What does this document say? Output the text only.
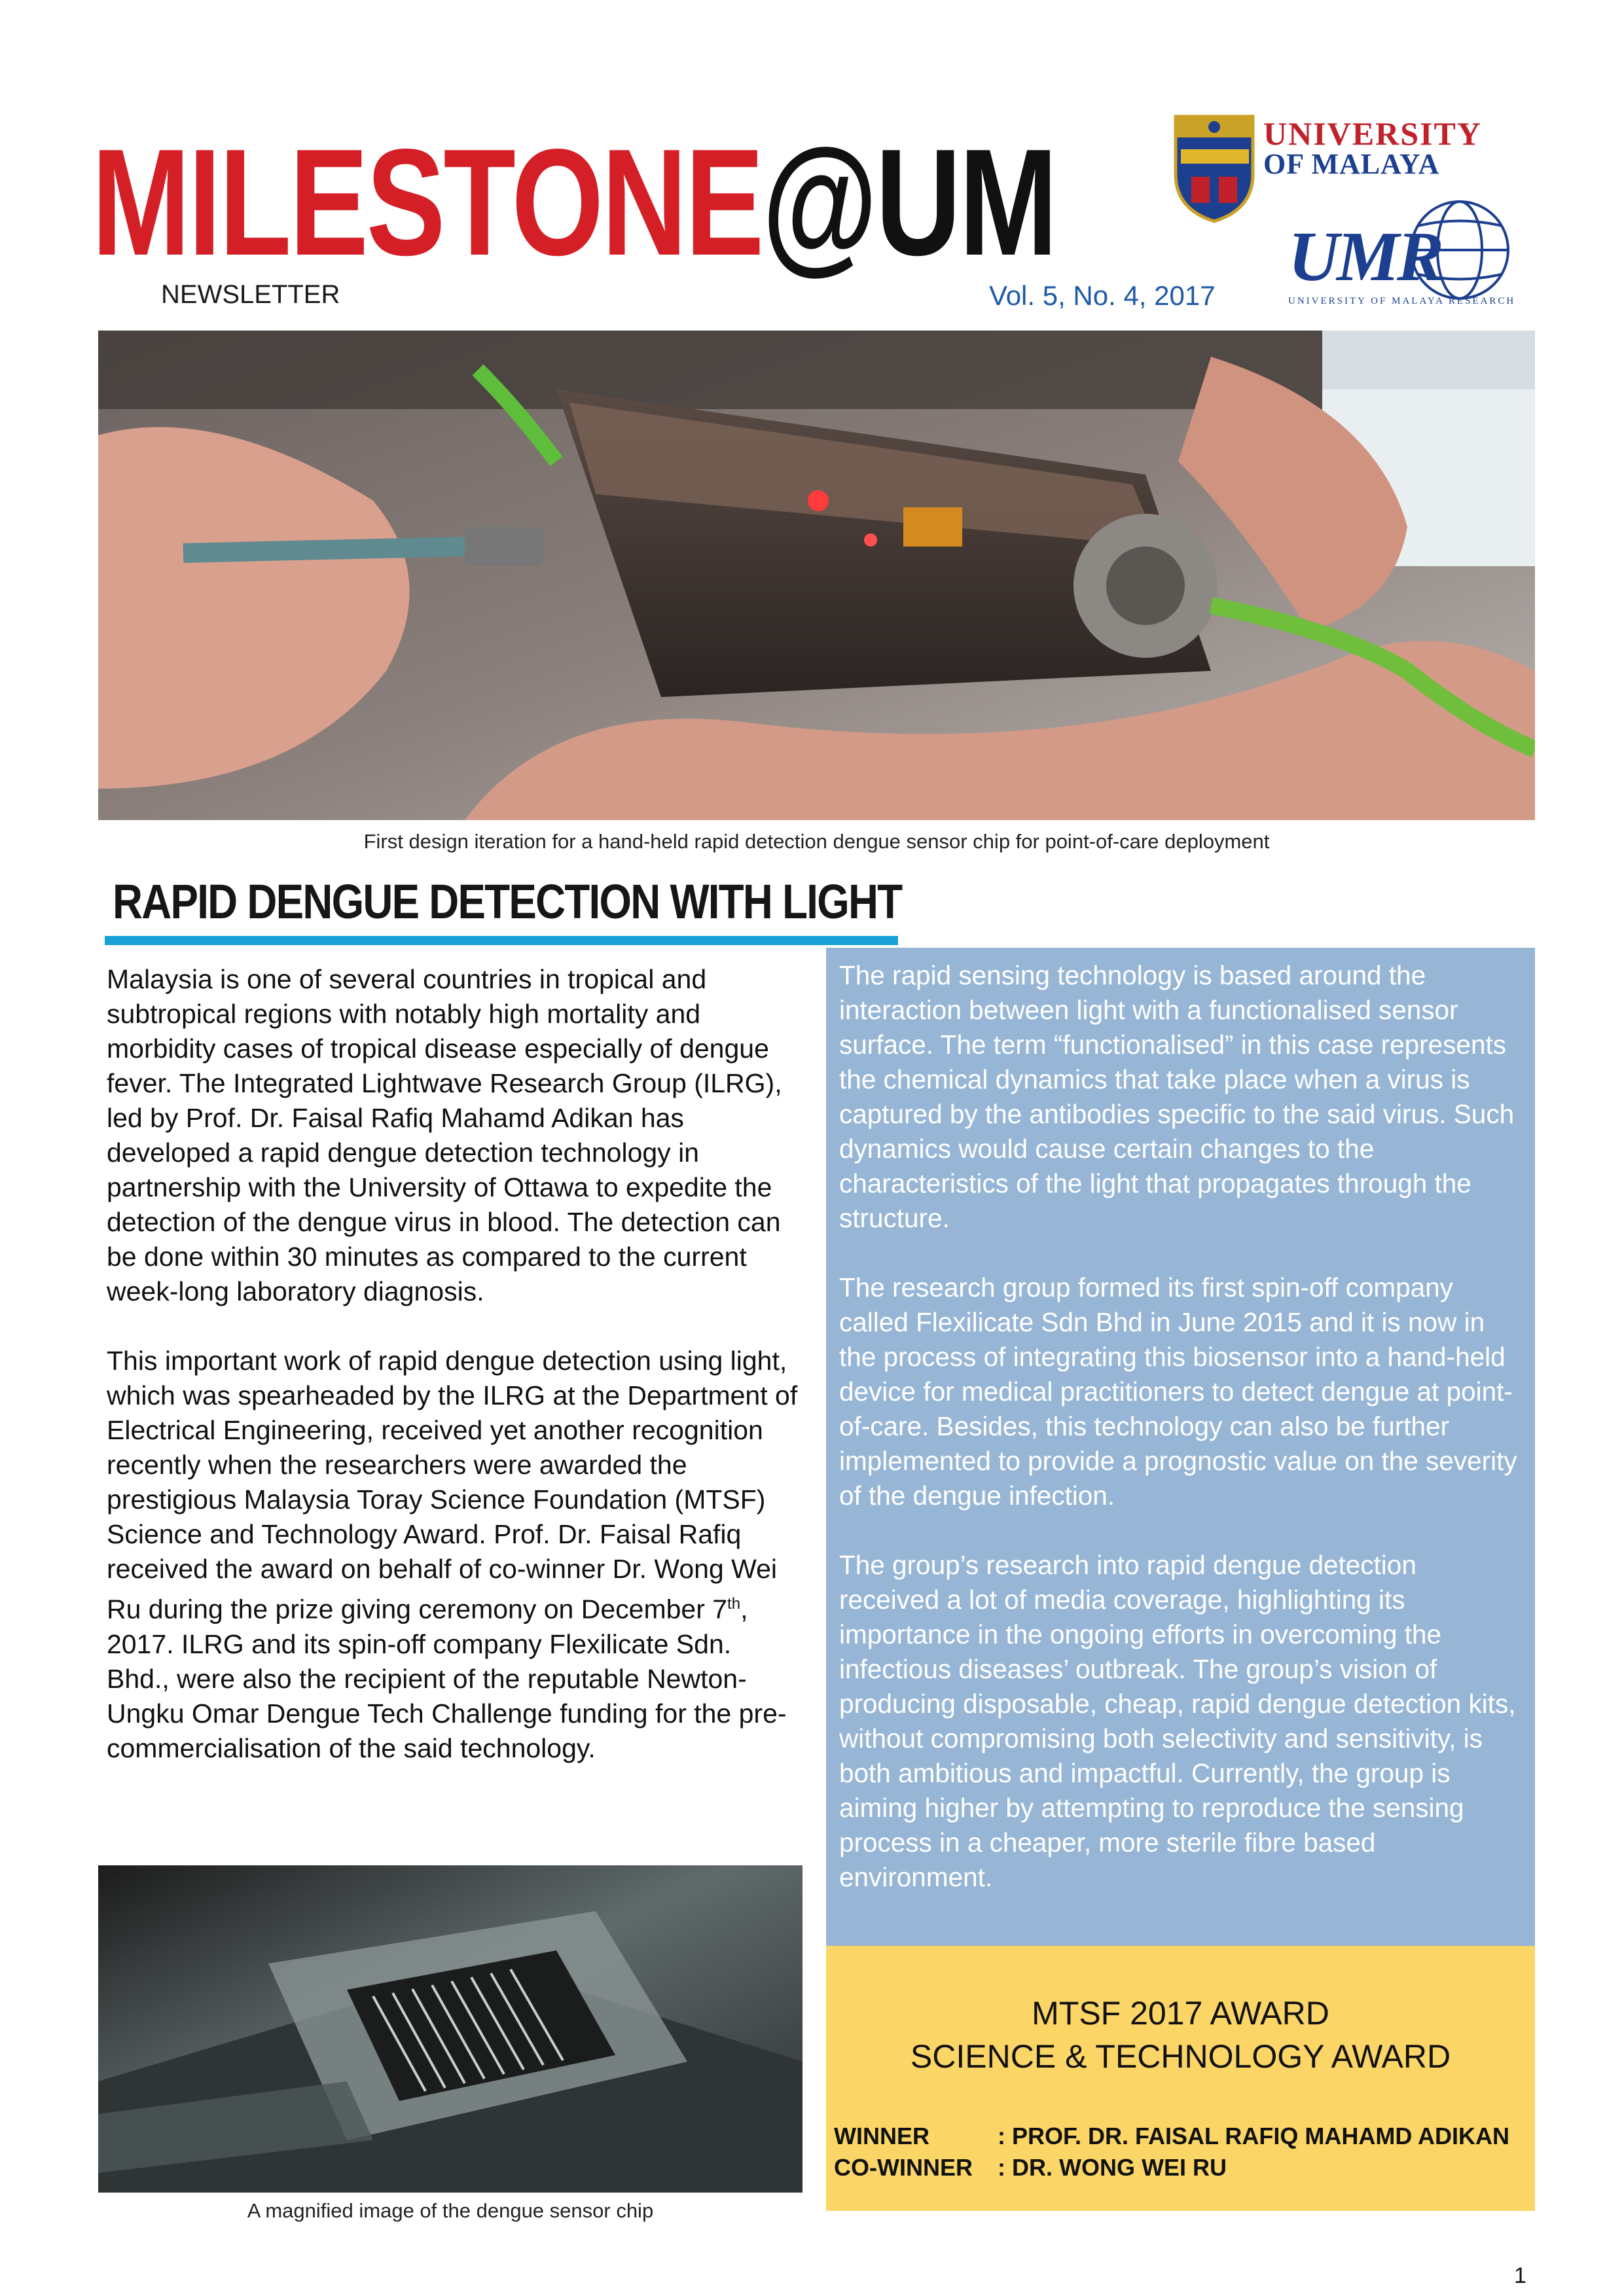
MILESTONE@UM
NEWSLETTER	Vol. 5, No. 4, 2017
UNIVERSITY
OF MALAYA
UMR
UNIVERSITY OF MALAYA RESEARCH
First design iteration for a hand-held rapid detection dengue sensor chip for point-of-care deployment
RAPID DENGUE DETECTION WITH LIGHT

Malaysia is one of several countries in tropical and subtropical regions with notably high mortality and morbidity cases of tropical disease especially of dengue fever. The Integrated Lightwave Research Group (ILRG), led by Prof. Dr. Faisal Rafiq Mahamd Adikan has developed a rapid dengue detection technology in partnership with the University of Ottawa to expedite the detection of the dengue virus in blood. The detection can be done within 30 minutes as compared to the current week-long laboratory diagnosis.

This important work of rapid dengue detection using light, which was spearheaded by the ILRG at the Department of Electrical Engineering, received yet another recognition recently when the researchers were awarded the prestigious Malaysia Toray Science Foundation (MTSF) Science and Technology Award. Prof. Dr. Faisal Rafiq received the award on behalf of co-winner Dr. Wong Wei Ru during the prize giving ceremony on December 7th, 2017. ILRG and its spin-off company Flexilicate Sdn. Bhd., were also the recipient of the reputable Newton-Ungku Omar Dengue Tech Challenge funding for the pre-commercialisation of the said technology.

The rapid sensing technology is based around the interaction between light with a functionalised sensor surface. The term “functionalised” in this case represents the chemical dynamics that take place when a virus is captured by the antibodies specific to the said virus. Such dynamics would cause certain changes to the characteristics of the light that propagates through the structure.

The research group formed its first spin-off company called Flexilicate Sdn Bhd in June 2015 and it is now in the process of integrating this biosensor into a hand-held device for medical practitioners to detect dengue at point-of-care. Besides, this technology can also be further implemented to provide a prognostic value on the severity of the dengue infection.

The group’s research into rapid dengue detection received a lot of media coverage, highlighting its importance in the ongoing efforts in overcoming the infectious diseases’ outbreak. The group’s vision of producing disposable, cheap, rapid dengue detection kits, without compromising both selectivity and sensitivity, is both ambitious and impactful. Currently, the group is aiming higher by attempting to reproduce the sensing process in a cheaper, more sterile fibre based environment.

MTSF 2017 AWARD
SCIENCE & TECHNOLOGY AWARD
WINNER	: PROF. DR. FAISAL RAFIQ MAHAMD ADIKAN
CO-WINNER : DR. WONG WEI RU
A magnified image of the dengue sensor chip
1
